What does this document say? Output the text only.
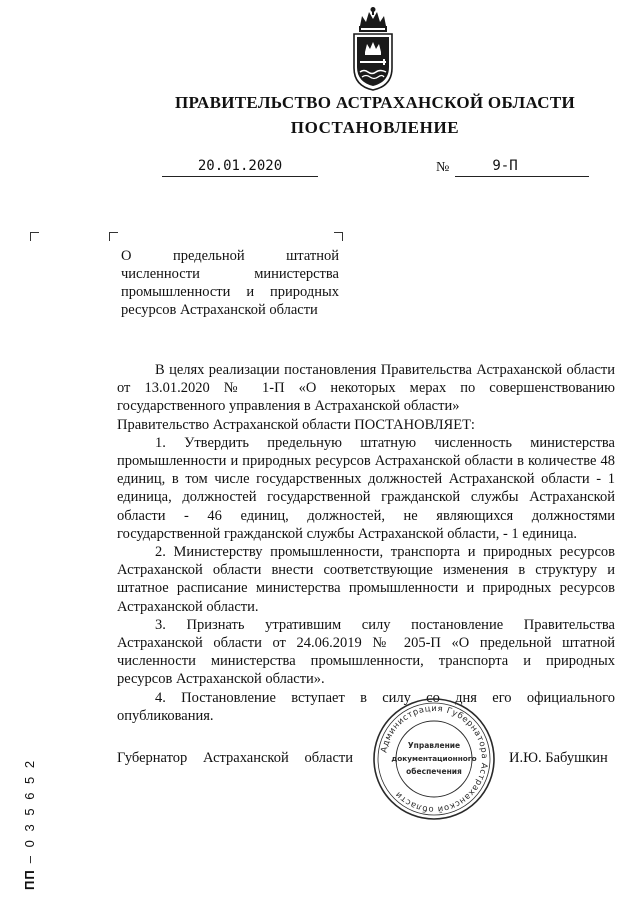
ПРАВИТЕЛЬСТВО АСТРАХАНСКОЙ ОБЛАСТИ
ПОСТАНОВЛЕНИЕ
20.01.2020	№	9-П
О предельной штатной численности министерства промышленности и природных ресурсов Астраханской области

В целях реализации постановления Правительства Астраханской области от 13.01.2020 № 1-П «О некоторых мерах по совершенствованию государственного управления в Астраханской области»

Правительство Астраханской области ПОСТАНОВЛЯЕТ:

1. Утвердить предельную штатную численность министерства промышленности и природных ресурсов Астраханской области в количестве 48 единиц, в том числе государственных должностей Астраханской области - 1 единица, должностей государственной гражданской службы Астраханской области - 46 единиц, должностей, не являющихся должностями государственной гражданской службы Астраханской области, - 1 единица.

2. Министерству промышленности, транспорта и природных ресурсов Астраханской области внести соответствующие изменения в структуру и штатное расписание министерства промышленности и природных ресурсов Астраханской области.

3. Признать утратившим силу постановление Правительства Астраханской области от 24.06.2019 № 205-П «О предельной штатной численности министерства промышленности, транспорта и природных ресурсов Астраханской области».

4. Постановление вступает в силу со дня его официального опубликования.

Губернатор Астраханской области	И.Ю. Бабушкин
Администрация Губернатора Астраханской области
Управление
документационного
обеспечения
ПП – 0 3 5 6 5 2
